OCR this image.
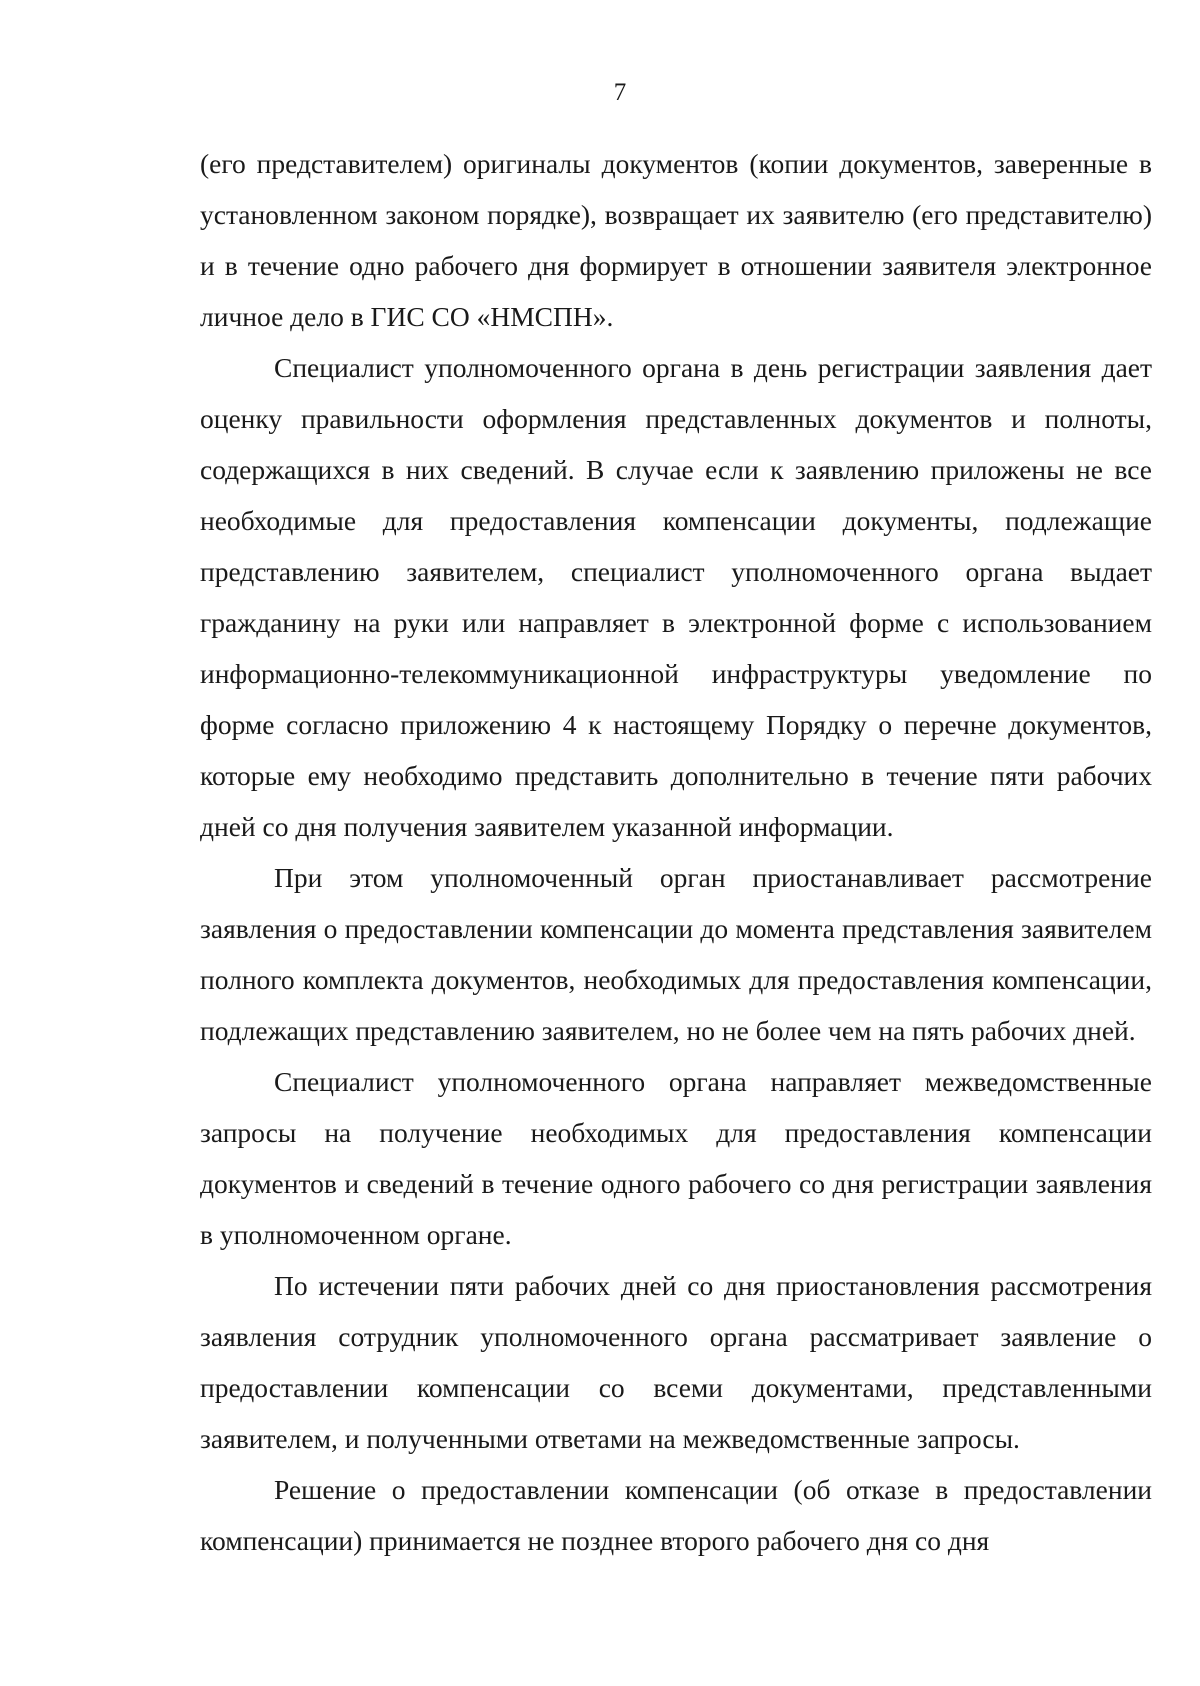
7

(его представителем) оригиналы документов (копии документов, заверенные в установленном законом порядке), возвращает их заявителю (его представителю) и в течение одно рабочего дня формирует в отношении заявителя электронное личное дело в ГИС СО «НМСПН».

Специалист уполномоченного органа в день регистрации заявления дает оценку правильности оформления представленных документов и полноты, содержащихся в них сведений. В случае если к заявлению приложены не все необходимые для предоставления компенсации документы, подлежащие представлению заявителем, специалист уполномоченного органа выдает гражданину на руки или направляет в электронной форме с использованием информационно-телекоммуникационной инфраструктуры уведомление по форме согласно приложению 4 к настоящему Порядку о перечне документов, которые ему необходимо представить дополнительно в течение пяти рабочих дней со дня получения заявителем указанной информации.

При этом уполномоченный орган приостанавливает рассмотрение заявления о предоставлении компенсации до момента представления заявителем полного комплекта документов, необходимых для предоставления компенсации, подлежащих представлению заявителем, но не более чем на пять рабочих дней.

Специалист уполномоченного органа направляет межведомственные запросы на получение необходимых для предоставления компенсации документов и сведений в течение одного рабочего со дня регистрации заявления в уполномоченном органе.

По истечении пяти рабочих дней со дня приостановления рассмотрения заявления сотрудник уполномоченного органа рассматривает заявление о предоставлении компенсации со всеми документами, представленными заявителем, и полученными ответами на межведомственные запросы.

Решение о предоставлении компенсации (об отказе в предоставлении компенсации) принимается не позднее второго рабочего дня со дня
